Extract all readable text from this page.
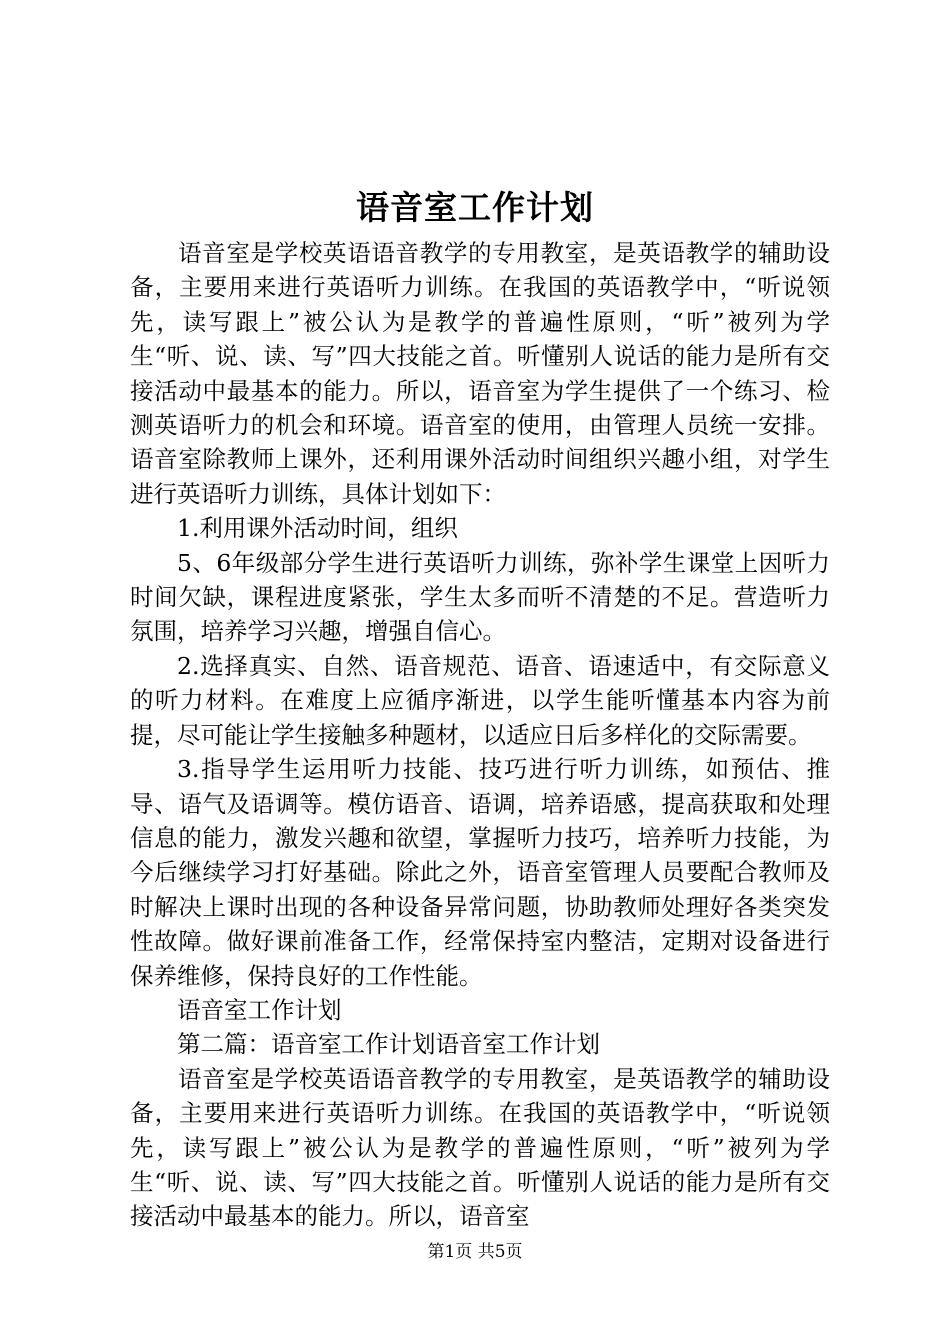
语音室工作计划

语音室是学校英语语音教学的专用教室，是英语教学的辅助设备，主要用来进行英语听力训练。在我国的英语教学中，“听说领先，读写跟上”被公认为是教学的普遍性原则，“听”被列为学生“听、说、读、写”四大技能之首。听懂别人说话的能力是所有交接活动中最基本的能力。所以，语音室为学生提供了一个练习、检测英语听力的机会和环境。语音室的使用，由管理人员统一安排。语音室除教师上课外，还利用课外活动时间组织兴趣小组，对学生进行英语听力训练，具体计划如下：

1.利用课外活动时间，组织

5、6年级部分学生进行英语听力训练，弥补学生课堂上因听力时间欠缺，课程进度紧张，学生太多而听不清楚的不足。营造听力氛围，培养学习兴趣，增强自信心。

2.选择真实、自然、语音规范、语音、语速适中，有交际意义的听力材料。在难度上应循序渐进，以学生能听懂基本内容为前提，尽可能让学生接触多种题材，以适应日后多样化的交际需要。

3.指导学生运用听力技能、技巧进行听力训练，如预估、推导、语气及语调等。模仿语音、语调，培养语感，提高获取和处理信息的能力，激发兴趣和欲望，掌握听力技巧，培养听力技能，为今后继续学习打好基础。除此之外，语音室管理人员要配合教师及时解决上课时出现的各种设备异常问题，协助教师处理好各类突发性故障。做好课前准备工作，经常保持室内整洁，定期对设备进行保养维修，保持良好的工作性能。

语音室工作计划

第二篇：语音室工作计划语音室工作计划

语音室是学校英语语音教学的专用教室，是英语教学的辅助设备，主要用来进行英语听力训练。在我国的英语教学中，“听说领先，读写跟上”被公认为是教学的普遍性原则，“听”被列为学生“听、说、读、写”四大技能之首。听懂别人说话的能力是所有交接活动中最基本的能力。所以，语音室

第1页 共5页
